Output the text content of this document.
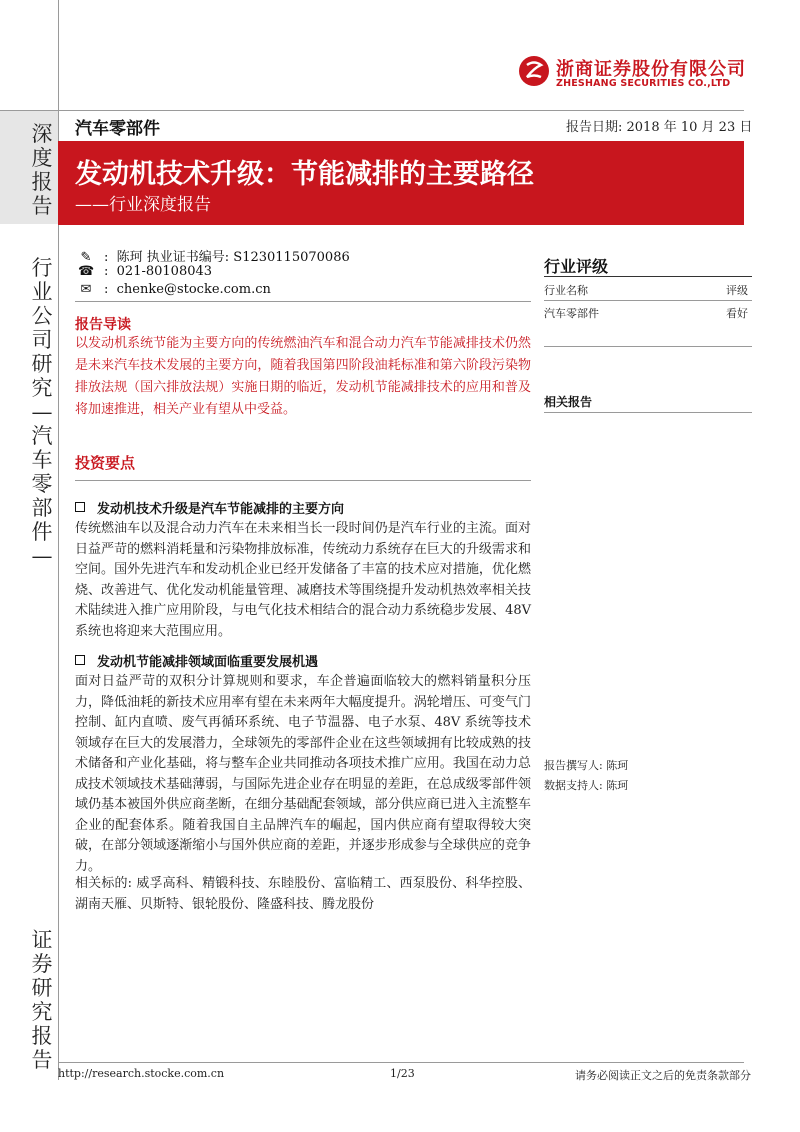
深
度
报
告
行
业
公
司
研
究
—
汽
车
零
部
件
—
证
券
研
究
报
告
浙商证券股份有限公司
ZHESHANG SECURITIES CO.,LTD
汽车零部件	报告日期: 2018 年 10 月 23 日
发动机技术升级：节能减排的主要路径
——行业深度报告
✎ : 陈珂 执业证书编号: S1230115070086
☎ : 021-80108043
✉ : chenke@stocke.com.cn
报告导读
以发动机系统节能为主要方向的传统燃油汽车和混合动力汽车节能减排技术仍然是未来汽车技术发展的主要方向，随着我国第四阶段油耗标准和第六阶段污染物排放法规（国六排放法规）实施日期的临近，发动机节能减排技术的应用和普及将加速推进，相关产业有望从中受益。
投资要点
发动机技术升级是汽车节能减排的主要方向
传统燃油车以及混合动力汽车在未来相当长一段时间仍是汽车行业的主流。面对日益严苛的燃料消耗量和污染物排放标准，传统动力系统存在巨大的升级需求和空间。国外先进汽车和发动机企业已经开发储备了丰富的技术应对措施，优化燃烧、改善进气、优化发动机能量管理、减磨技术等围绕提升发动机热效率相关技术陆续进入推广应用阶段，与电气化技术相结合的混合动力系统稳步发展、48V 系统也将迎来大范围应用。
发动机节能减排领域面临重要发展机遇
面对日益严苛的双积分计算规则和要求，车企普遍面临较大的燃料销量积分压力，降低油耗的新技术应用率有望在未来两年大幅度提升。涡轮增压、可变气门控制、缸内直喷、废气再循环系统、电子节温器、电子水泵、48V 系统等技术领域存在巨大的发展潜力，全球领先的零部件企业在这些领域拥有比较成熟的技术储备和产业化基础，将与整车企业共同推动各项技术推广应用。我国在动力总成技术领域技术基础薄弱，与国际先进企业存在明显的差距，在总成级零部件领域仍基本被国外供应商垄断，在细分基础配套领域，部分供应商已进入主流整车企业的配套体系。随着我国自主品牌汽车的崛起，国内供应商有望取得较大突破，在部分领域逐渐缩小与国外供应商的差距，并逐步形成参与全球供应的竞争力。
相关标的: 威孚高科、精锻科技、东睦股份、富临精工、西泵股份、科华控股、湖南天雁、贝斯特、银轮股份、隆盛科技、腾龙股份
行业评级
行业名称	评级
汽车零部件	看好
相关报告
报告撰写人: 陈珂
数据支持人: 陈珂
http://research.stocke.com.cn	1/23	请务必阅读正文之后的免责条款部分
